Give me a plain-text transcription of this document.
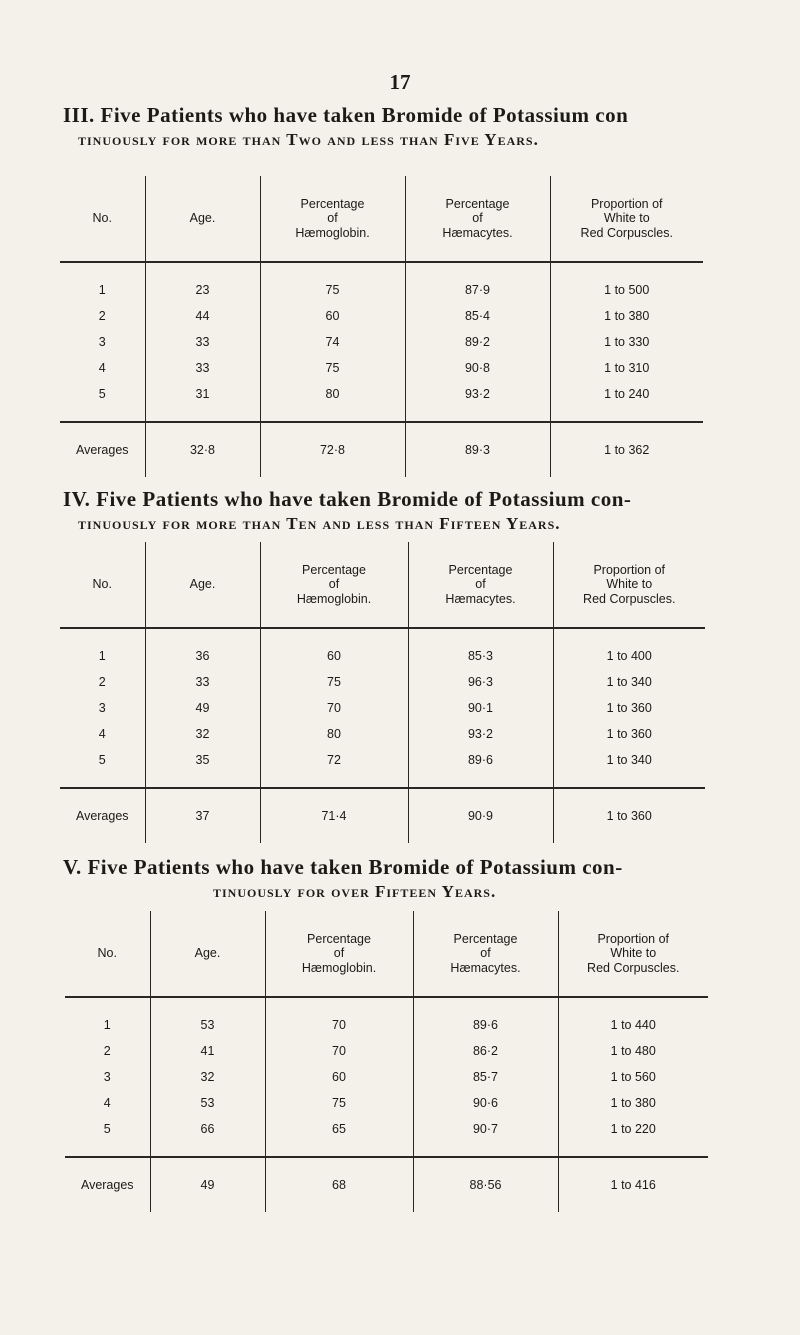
17
III. Five Patients who have taken Bromide of Potassium con
tinuously for more than Two and less than Five Years.
No.	Age.	Percentage
of
Hæmoglobin.	Percentage
of
Hæmacytes.	Proportion of
White to
Red Corpuscles.
1	23	75	87·9	1 to 500
2	44	60	85·4	1 to 380
3	33	74	89·2	1 to 330
4	33	75	90·8	1 to 310
5	31	80	93·2	1 to 240
Averages	32·8	72·8	89·3	1 to 362
IV. Five Patients who have taken Bromide of Potassium con-
tinuously for more than Ten and less than Fifteen Years.
No.	Age.	Percentage
of
Hæmoglobin.	Percentage
of
Hæmacytes.	Proportion of
White to
Red Corpuscles.
1	36	60	85·3	1 to 400
2	33	75	96·3	1 to 340
3	49	70	90·1	1 to 360
4	32	80	93·2	1 to 360
5	35	72	89·6	1 to 340
Averages	37	71·4	90·9	1 to 360
V. Five Patients who have taken Bromide of Potassium con-
tinuously for over Fifteen Years.
No.	Age.	Percentage
of
Hæmoglobin.	Percentage
of
Hæmacytes.	Proportion of
White to
Red Corpuscles.
1	53	70	89·6	1 to 440
2	41	70	86·2	1 to 480
3	32	60	85·7	1 to 560
4	53	75	90·6	1 to 380
5	66	65	90·7	1 to 220
Averages	49	68	88·56	1 to 416
